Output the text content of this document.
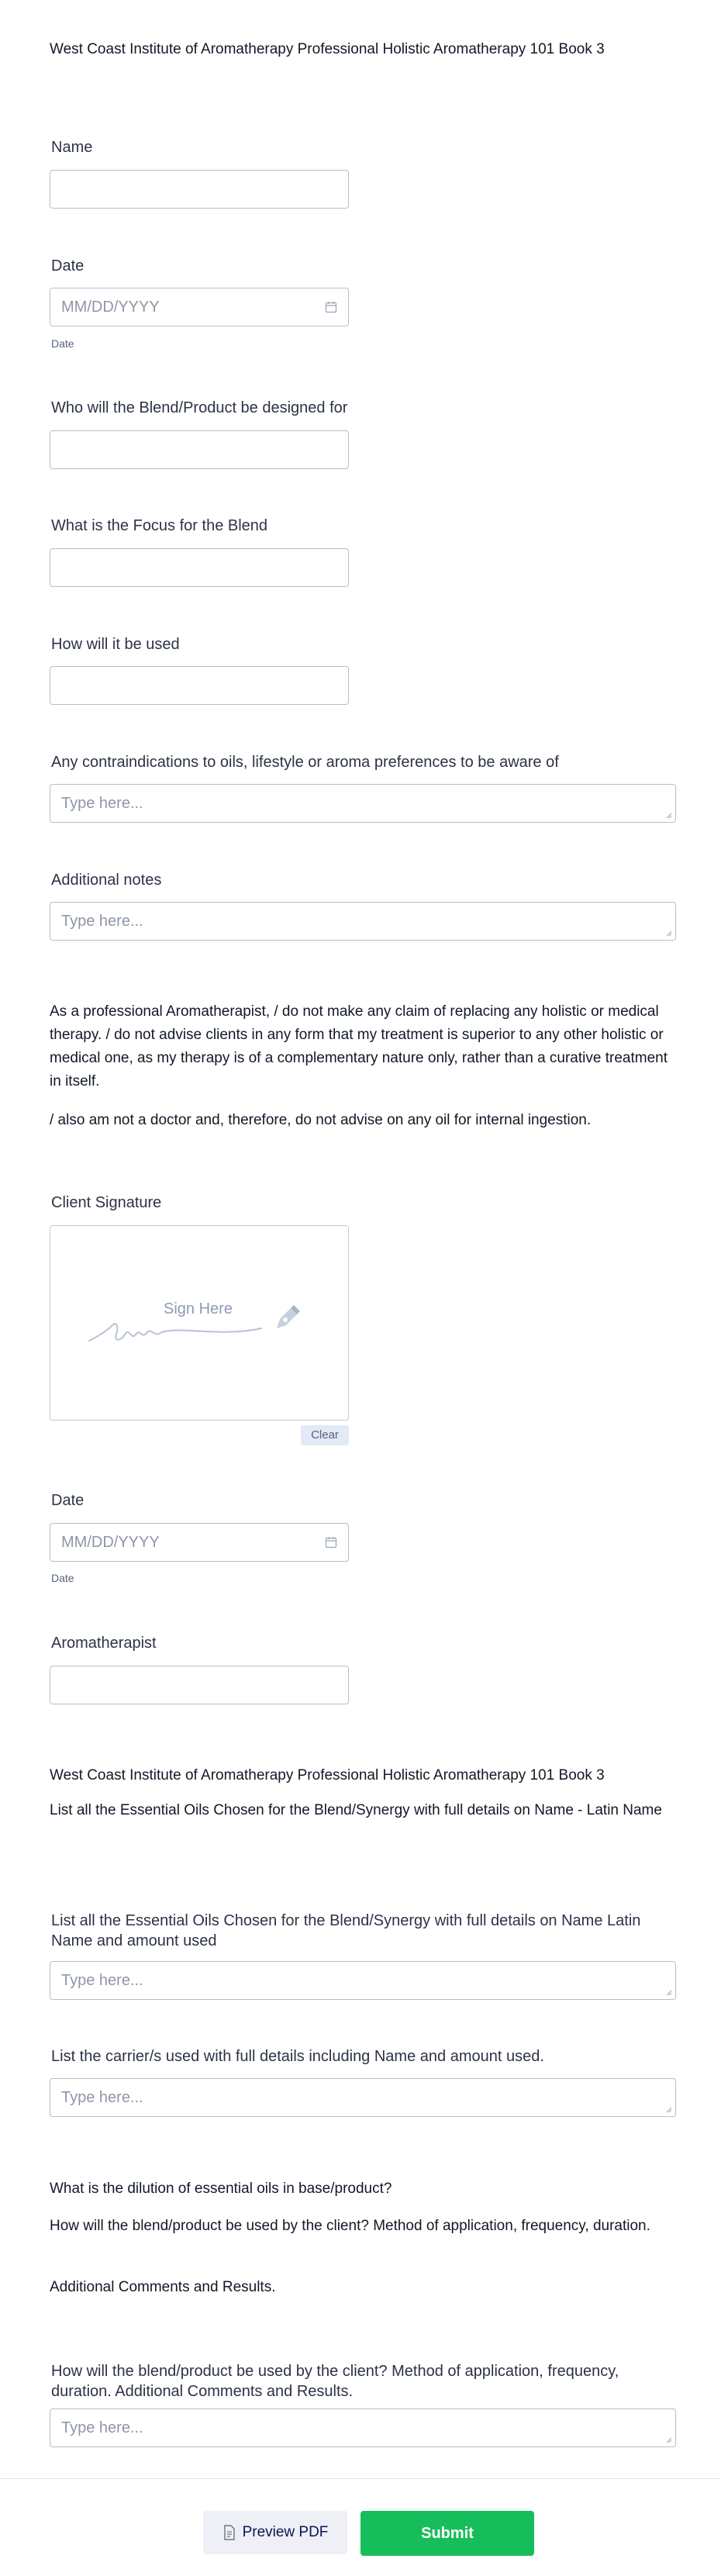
West Coast Institute of Aromatherapy Professional Holistic Aromatherapy 101 Book 3
Name
Date
MM/DD/YYYY
Date
Who will the Blend/Product be designed for
What is the Focus for the Blend
How will it be used
Any contraindications to oils, lifestyle or aroma preferences to be aware of
Type here...
Additional notes
Type here...
As a professional Aromatherapist, / do not make any claim of replacing any holistic or medical therapy. / do not advise clients in any form that my treatment is superior to any other holistic or medical one, as my therapy is of a complementary nature only, rather than a curative treatment in itself.
/ also am not a doctor and, therefore, do not advise on any oil for internal ingestion.
Client Signature
Sign Here
Clear
Date
MM/DD/YYYY
Date
Aromatherapist
West Coast Institute of Aromatherapy Professional Holistic Aromatherapy 101 Book 3
List all the Essential Oils Chosen for the Blend/Synergy with full details on Name - Latin Name
List all the Essential Oils Chosen for the Blend/Synergy with full details on Name Latin Name and amount used
Type here...
List the carrier/s used with full details including Name and amount used.
Type here...
What is the dilution of essential oils in base/product?
How will the blend/product be used by the client? Method of application, frequency, duration.
Additional Comments and Results.
How will the blend/product be used by the client? Method of application, frequency, duration. Additional Comments and Results.
Type here...
Preview PDF	Submit
